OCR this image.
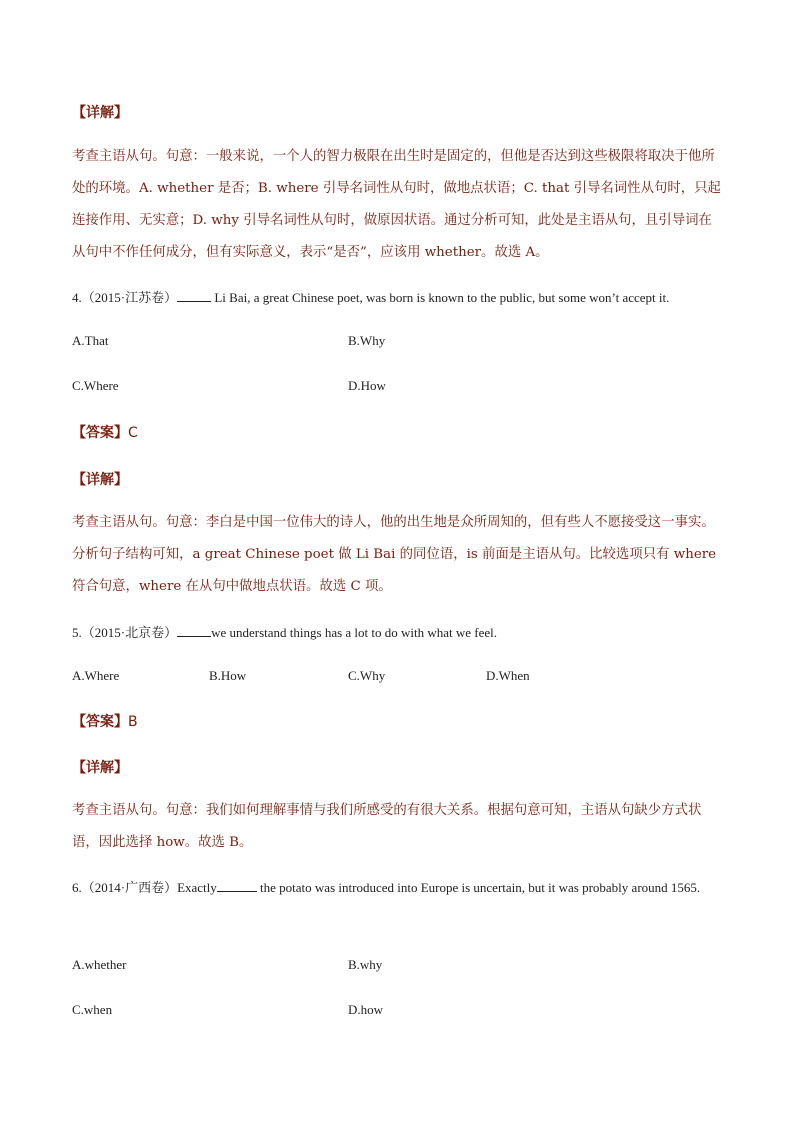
【详解】
考查主语从句。句意：一般来说，一个人的智力极限在出生时是固定的，但他是否达到这些极限将取决于他所处的环境。A. whether 是否；B. where 引导名词性从句时，做地点状语；C. that 引导名词性从句时，只起连接作用、无实意；D. why 引导名词性从句时，做原因状语。通过分析可知，此处是主语从句，且引导词在从句中不作任何成分，但有实际意义，表示“是否”，应该用 whether。故选 A。
4.（2015·江苏卷）	Li Bai, a great Chinese poet, was born is known to the public, but some won’t accept it.
A.That	B.Why
C.Where	D.How
【答案】C
【详解】
考查主语从句。句意：李白是中国一位伟大的诗人，他的出生地是众所周知的，但有些人不愿接受这一事实。分析句子结构可知，a great Chinese poet 做 Li Bai 的同位语，is 前面是主语从句。比较选项只有 where 符合句意，where 在从句中做地点状语。故选 C 项。
5.（2015·北京卷）	we understand things has a lot to do with what we feel.
A.Where	B.How	C.Why	D.When
【答案】B
【详解】
考查主语从句。句意：我们如何理解事情与我们所感受的有很大关系。根据句意可知，主语从句缺少方式状语，因此选择 how。故选 B。
6.（2014·广西卷）Exactly	the potato was introduced into Europe is uncertain, but it was probably around 1565.
A.whether	B.why
C.when	D.how
